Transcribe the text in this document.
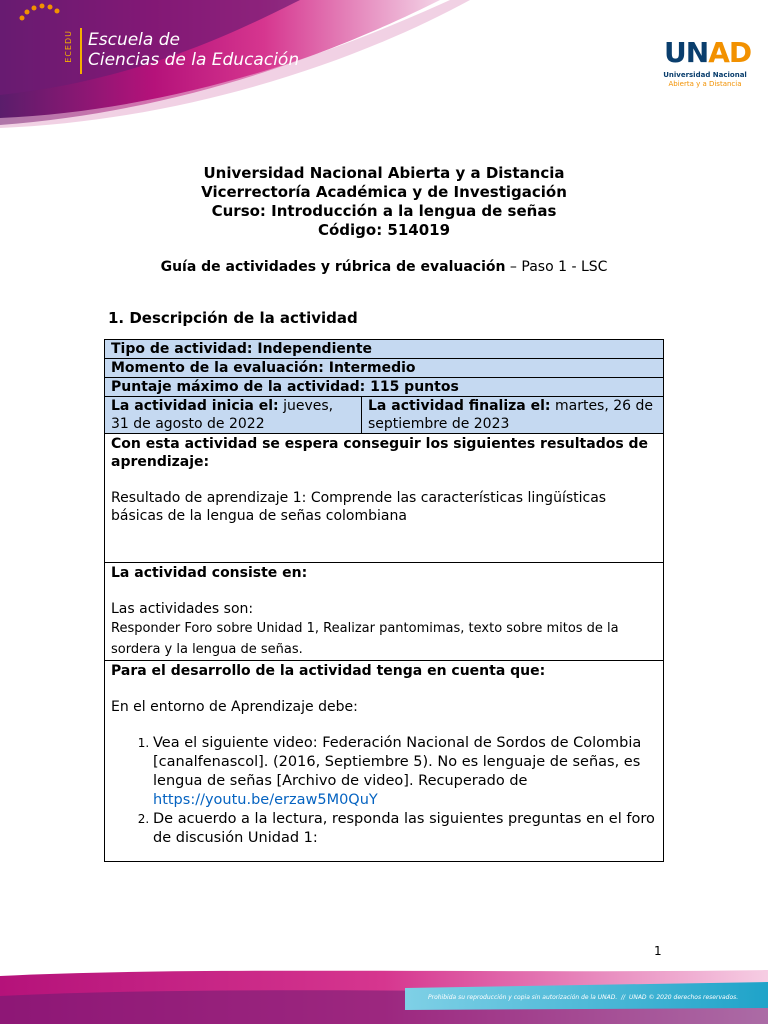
ECEDU Escuela de
Ciencias de la Educación	UNAD
Universidad Nacional
Abierta y a Distancia
Universidad Nacional Abierta y a Distancia
Vicerrectoría Académica y de Investigación
Curso: Introducción a la lengua de señas
Código: 514019
Guía de actividades y rúbrica de evaluación – Paso 1 - LSC
1. Descripción de la actividad
Tipo de actividad: Independiente
Momento de la evaluación: Intermedio
Puntaje máximo de la actividad: 115 puntos
La actividad inicia el: jueves, 31 de agosto de 2022	La actividad finaliza el: martes, 26 de septiembre de 2023

Con esta actividad se espera conseguir los siguientes resultados de aprendizaje:
Resultado de aprendizaje 1: Comprende las características lingüísticas básicas de la lengua de señas colombiana

La actividad consiste en:
Las actividades son:
Responder Foro sobre Unidad 1, Realizar pantomimas, texto sobre mitos de la sordera y la lengua de señas.

Para el desarrollo de la actividad tenga en cuenta que:
En el entorno de Aprendizaje debe:
1. Vea el siguiente video: Federación Nacional de Sordos de Colombia [canalfenascol]. (2016, Septiembre 5). No es lenguaje de señas, es lengua de señas [Archivo de video]. Recuperado de https://youtu.be/erzaw5M0QuY
2. De acuerdo a la lectura, responda las siguientes preguntas en el foro de discusión Unidad 1:
1
Prohibida su reproducción y copia sin autorización de la UNAD.  //  UNAD © 2020 derechos reservados.
